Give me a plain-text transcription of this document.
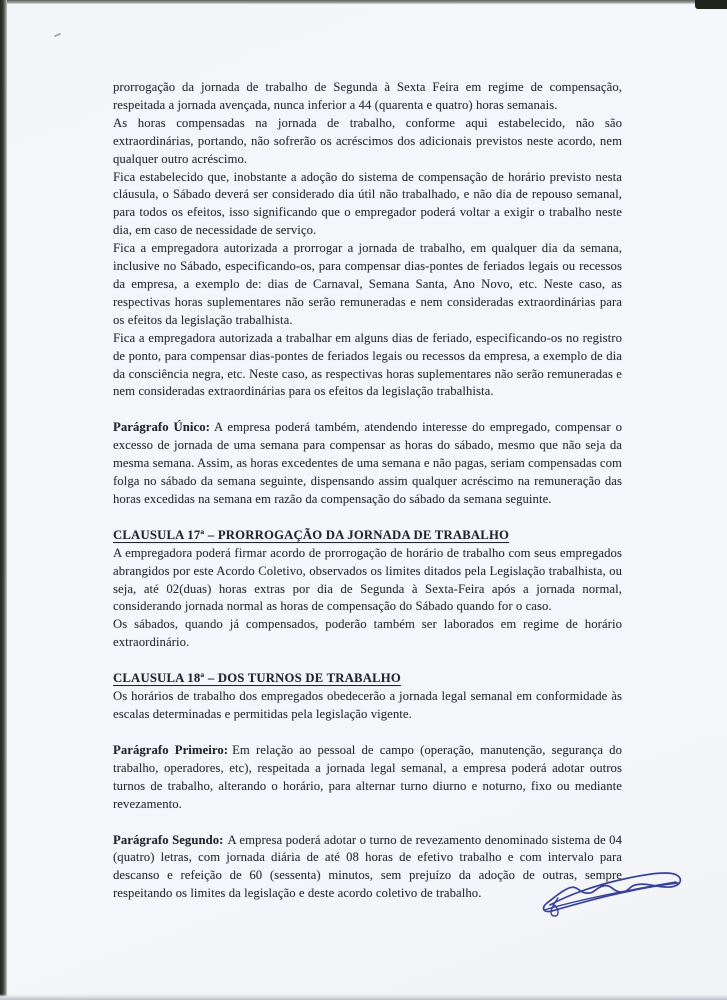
prorrogação da jornada de trabalho de Segunda à Sexta Feira em regime de compensação, respeitada a jornada avençada, nunca inferior a 44 (quarenta e quatro) horas semanais.

As horas compensadas na jornada de trabalho, conforme aqui estabelecido, não são extraordinárias, portando, não sofrerão os acréscimos dos adicionais previstos neste acordo, nem qualquer outro acréscimo.

Fica estabelecido que, inobstante a adoção do sistema de compensação de horário previsto nesta cláusula, o Sábado deverá ser considerado dia útil não trabalhado, e não dia de repouso semanal, para todos os efeitos, isso significando que o empregador poderá voltar a exigir o trabalho neste dia, em caso de necessidade de serviço.

Fica a empregadora autorizada a prorrogar a jornada de trabalho, em qualquer dia da semana, inclusive no Sábado, especificando-os, para compensar dias-pontes de feriados legais ou recessos da empresa, a exemplo de: dias de Carnaval, Semana Santa, Ano Novo, etc. Neste caso, as respectivas horas suplementares não serão remuneradas e nem consideradas extraordinárias para os efeitos da legislação trabalhista.

Fica a empregadora autorizada a trabalhar em alguns dias de feriado, especificando-os no registro de ponto, para compensar dias-pontes de feriados legais ou recessos da empresa, a exemplo de dia da consciência negra, etc. Neste caso, as respectivas horas suplementares não serão remuneradas e nem consideradas extraordinárias para os efeitos da legislação trabalhista.

Parágrafo Único: A empresa poderá também, atendendo interesse do empregado, compensar o excesso de jornada de uma semana para compensar as horas do sábado, mesmo que não seja da mesma semana. Assim, as horas excedentes de uma semana e não pagas, seriam compensadas com folga no sábado da semana seguinte, dispensando assim qualquer acréscimo na remuneração das horas excedidas na semana em razão da compensação do sábado da semana seguinte.

CLAUSULA 17ª – PRORROGAÇÃO DA JORNADA DE TRABALHO

A empregadora poderá firmar acordo de prorrogação de horário de trabalho com seus empregados abrangidos por este Acordo Coletivo, observados os limites ditados pela Legislação trabalhista, ou seja, até 02(duas) horas extras por dia de Segunda à Sexta-Feira após a jornada normal, considerando jornada normal as horas de compensação do Sábado quando for o caso.

Os sábados, quando já compensados, poderão também ser laborados em regime de horário extraordinário.

CLAUSULA 18ª – DOS TURNOS DE TRABALHO

Os horários de trabalho dos empregados obedecerão a jornada legal semanal em conformidade às escalas determinadas e permitidas pela legislação vigente.

Parágrafo Primeiro: Em relação ao pessoal de campo (operação, manutenção, segurança do trabalho, operadores, etc), respeitada a jornada legal semanal, a empresa poderá adotar outros turnos de trabalho, alterando o horário, para alternar turno diurno e noturno, fixo ou mediante revezamento.

Parágrafo Segundo: A empresa poderá adotar o turno de revezamento denominado sistema de 04 (quatro) letras, com jornada diária de até 08 horas de efetivo trabalho e com intervalo para descanso e refeição de 60 (sessenta) minutos, sem prejuízo da adoção de outras, sempre respeitando os limites da legislação e deste acordo coletivo de trabalho.
